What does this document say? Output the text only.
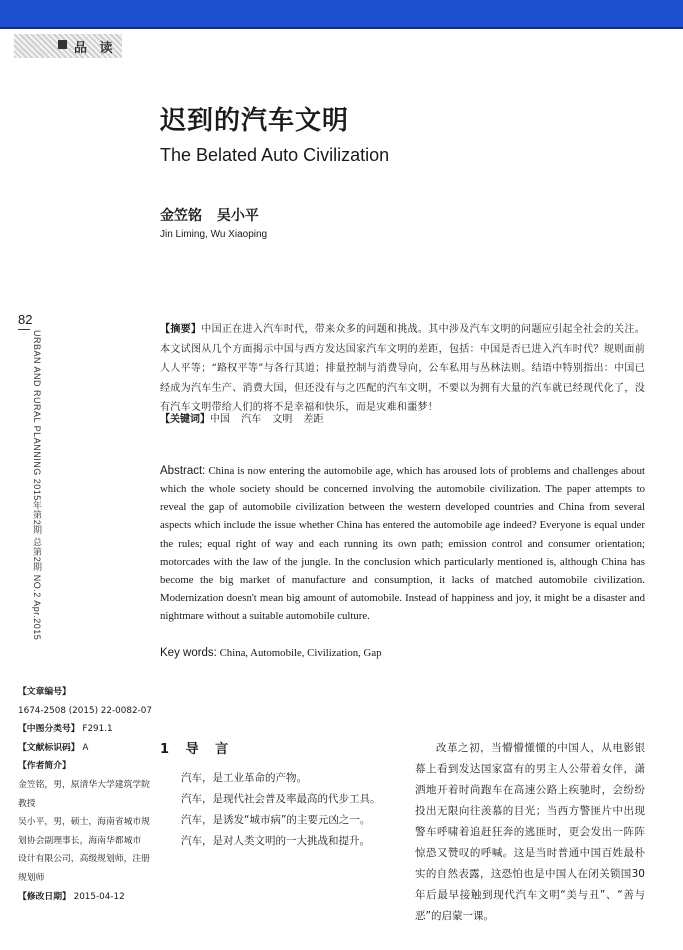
品 读
迟到的汽车文明
The Belated Auto Civilization
金笠铭 吴小平
Jin Liming, Wu Xiaoping
82
URBAN AND RURAL PLANNING 2015年第2期 总第2期 NO.2 Apr.2015
【摘要】中国正在进入汽车时代，带来众多的问题和挑战。其中涉及汽车文明的问题应引起全社会的关注。本文试图从几个方面揭示中国与西方发达国家汽车文明的差距，包括：中国是否已进入汽车时代？规则面前人人平等；“路权平等”与各行其道；排量控制与消费导向，公车私用与丛林法则。结语中特别指出：中国已经成为汽车生产、消费大国，但还没有与之匹配的汽车文明，不要以为拥有大量的汽车就已经现代化了，没有汽车文明带给人们的将不是幸福和快乐，而是灾难和噩梦！
【关键词】中国 汽车 文明 差距
Abstract: China is now entering the automobile age, which has aroused lots of problems and challenges about which the whole society should be concerned involving the automobile civilization. The paper attempts to reveal the gap of automobile civilization between the western developed countries and China from several aspects which include the issue whether China has entered the automobile age indeed? Everyone is equal under the rules; equal right of way and each running its own path; emission control and consumer orientation; motorcades with the law of the jungle. In the conclusion which particularly mentioned is, although China has become the big market of manufacture and consumption, it lacks of matched automobile civilization. Modernization doesn't mean big amount of automobile. Instead of happiness and joy, it might be a disaster and nightmare without a suitable automobile culture.
Key words: China, Automobile, Civilization, Gap
【文章编号】
1674-2508 (2015) 22-0082-07
【中图分类号】 F291.1
【文献标识码】 A
【作者简介】
金笠铭，男，原清华大学建筑学院
教授
吴小平，男，硕士，海南省城市规
划协会副理事长，海南华都城市
设计有限公司，高级规划师，注册
规划师
【修改日期】 2015-04-12
1 导 言

汽车，是工业革命的产物。

汽车，是现代社会普及率最高的代步工具。

汽车，是诱发“城市病”的主要元凶之一。

汽车，是对人类文明的一大挑战和提升。

改革之初，当懵懵懂懂的中国人，从电影银幕上看到发达国家富有的男主人公带着女伴，潇洒地开着时尚跑车在高速公路上疾驰时，会纷纷投出无限向往羡慕的目光；当西方警匪片中出现警车呼啸着追赶狂奔的逃匪时，更会发出一阵阵惊恐又赞叹的呼喊。这是当时普通中国百姓最朴实的自然表露，这恐怕也是中国人在闭关锁国30年后最早接触到现代汽车文明“美与丑”、“善与恶”的启蒙一课。
